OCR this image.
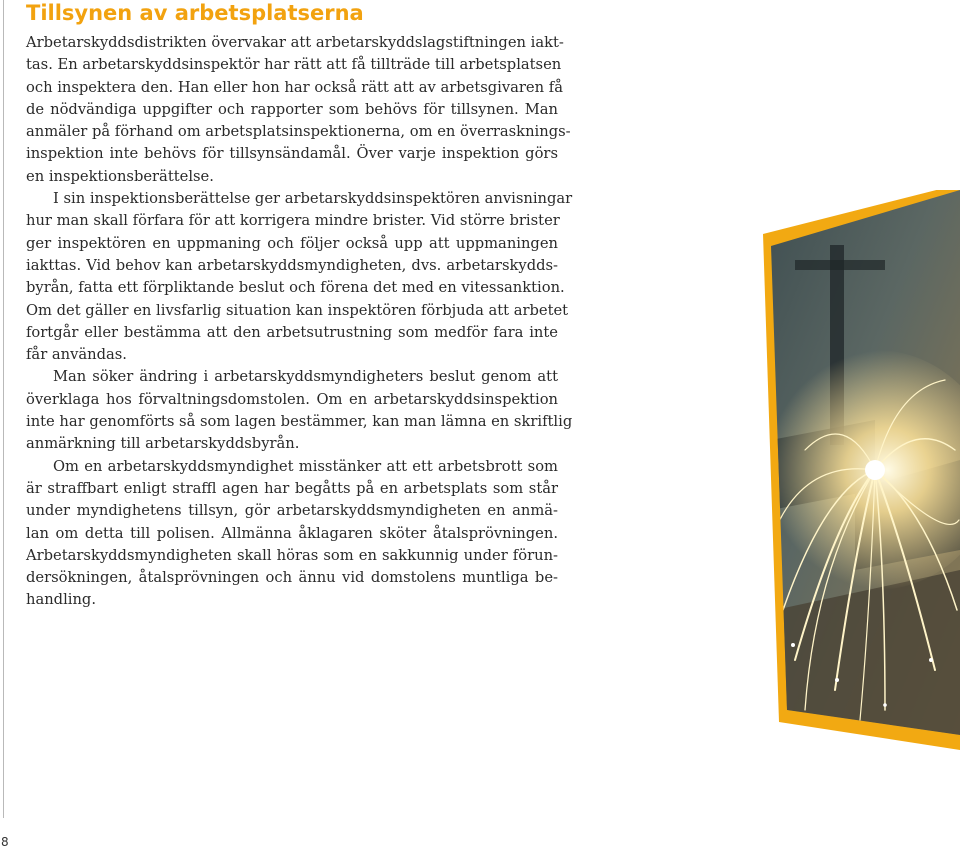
Tillsynen av arbetsplatserna
Arbetarskyddsdistrikten övervakar att arbetarskyddslagstiftningen iakt-
tas. En arbetarskyddsinspektör har rätt att få tillträde till arbetsplatsen
och inspektera den. Han eller hon har också rätt att av arbetsgivaren få
de nödvändiga uppgifter och rapporter som behövs för tillsynen. Man
anmäler på förhand om arbetsplatsinspektionerna, om en överrasknings-
inspektion inte behövs för tillsynsändamål. Över varje inspektion görs
en inspektionsberättelse.
I sin inspektionsberättelse ger arbetarskyddsinspektören anvisningar
hur man skall förfara för att korrigera mindre brister. Vid större brister
ger inspektören en uppmaning och följer också upp att uppmaningen
iakttas. Vid behov kan arbetarskyddsmyndigheten, dvs. arbetarskydds-
byrån, fatta ett förpliktande beslut och förena det med en vitessanktion.
Om det gäller en livsfarlig situation kan inspektören förbjuda att arbetet
fortgår eller bestämma att den arbetsutrustning som medför fara inte
får användas.
Man söker ändring i arbetarskyddsmyndigheters beslut genom att
överklaga hos förvaltningsdomstolen. Om en arbetarskyddsinspektion
inte har genomförts så som lagen bestämmer, kan man lämna en skriftlig
anmärkning till arbetarskyddsbyrån.
Om en arbetarskyddsmyndighet misstänker att ett arbetsbrott som
är straffbart enligt straffl agen har begåtts på en arbetsplats som står
under myndighetens tillsyn, gör arbetarskyddsmyndigheten en anmä-
lan om detta till polisen. Allmänna åklagaren sköter åtalsprövningen.
Arbetarskyddsmyndigheten skall höras som en sakkunnig under förun-
dersökningen, åtalsprövningen och ännu vid domstolens muntliga be-
handling.
8
